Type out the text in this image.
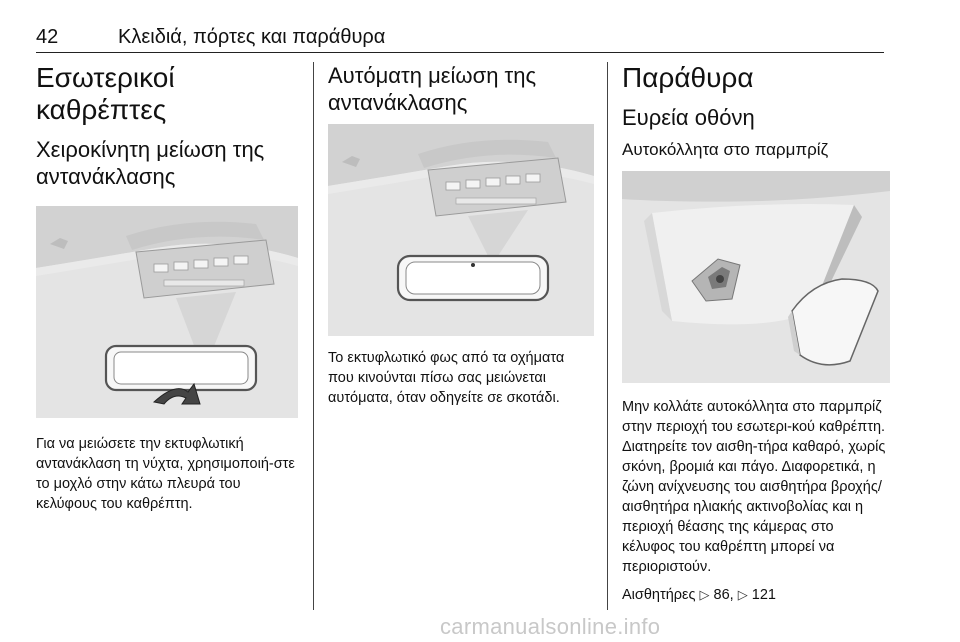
42	Κλειδιά, πόρτες και παράθυρα
Εσωτερικοί καθρέπτες
Χειροκίνητη μείωση της αντανάκλασης

Για να μειώσετε την εκτυφλωτική αντανάκλαση τη νύχτα, χρησιμοποιή-στε το μοχλό στην κάτω πλευρά του κελύφους του καθρέπτη.

Αυτόματη μείωση της αντανάκλασης

Το εκτυφλωτικό φως από τα οχήματα που κινούνται πίσω σας μειώνεται αυτόματα, όταν οδηγείτε σε σκοτάδι.

Παράθυρα
Ευρεία οθόνη
Αυτοκόλλητα στο παρμπρίζ

Μην κολλάτε αυτοκόλλητα στο παρμπρίζ στην περιοχή του εσωτερι-κού καθρέπτη. Διατηρείτε τον αισθη-τήρα καθαρό, χωρίς σκόνη, βρομιά και πάγο. Διαφορετικά, η ζώνη ανίχνευσης του αισθητήρα βροχής/ αισθητήρα ηλιακής ακτινοβολίας και η περιοχή θέασης της κάμερας στο κέλυφος του καθρέπτη μπορεί να περιοριστούν.

Αισθητήρες ▷ 86, ▷ 121

carmanualsonline.info
